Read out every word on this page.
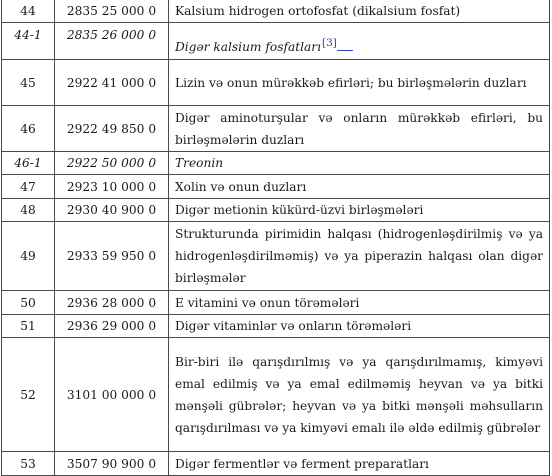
44	2835 25 000 0	Kalsium hidrogen ortofosfat (dikalsium fosfat)
44-1	2835 26 000 0	Digər kalsium fosfatları[3]
45	2922 41 000 0	Lizin və onun mürəkkəb efirləri; bu birləşmələrin duzları
46	2922 49 850 0	Digər aminoturşular və onların mürəkkəb efirləri, bu birləşmələrin duzları
46-1	2922 50 000 0	Treonin
47	2923 10 000 0	Xolin və onun duzları
48	2930 40 900 0	Digər metionin kükürd-üzvi birləşmələri
49	2933 59 950 0	Strukturunda pirimidin halqası (hidrogenləşdirilmiş və ya hidrogenləşdirilməmiş) və ya piperazin halqası olan digər birləşmələr
50	2936 28 000 0	E vitamini və onun törəmələri
51	2936 29 000 0	Digər vitaminlər və onların törəmələri
52	3101 00 000 0	Bir-biri ilə qarışdırılmış və ya qarışdırılmamış, kimyəvi emal edilmiş və ya emal edilməmiş heyvan və ya bitki mənşəli gübrələr; heyvan və ya bitki mənşəli məhsulların qarışdırılması və ya kimyəvi emalı ilə əldə edilmiş gübrələr
53	3507 90 900 0	Digər fermentlər və ferment preparatları
